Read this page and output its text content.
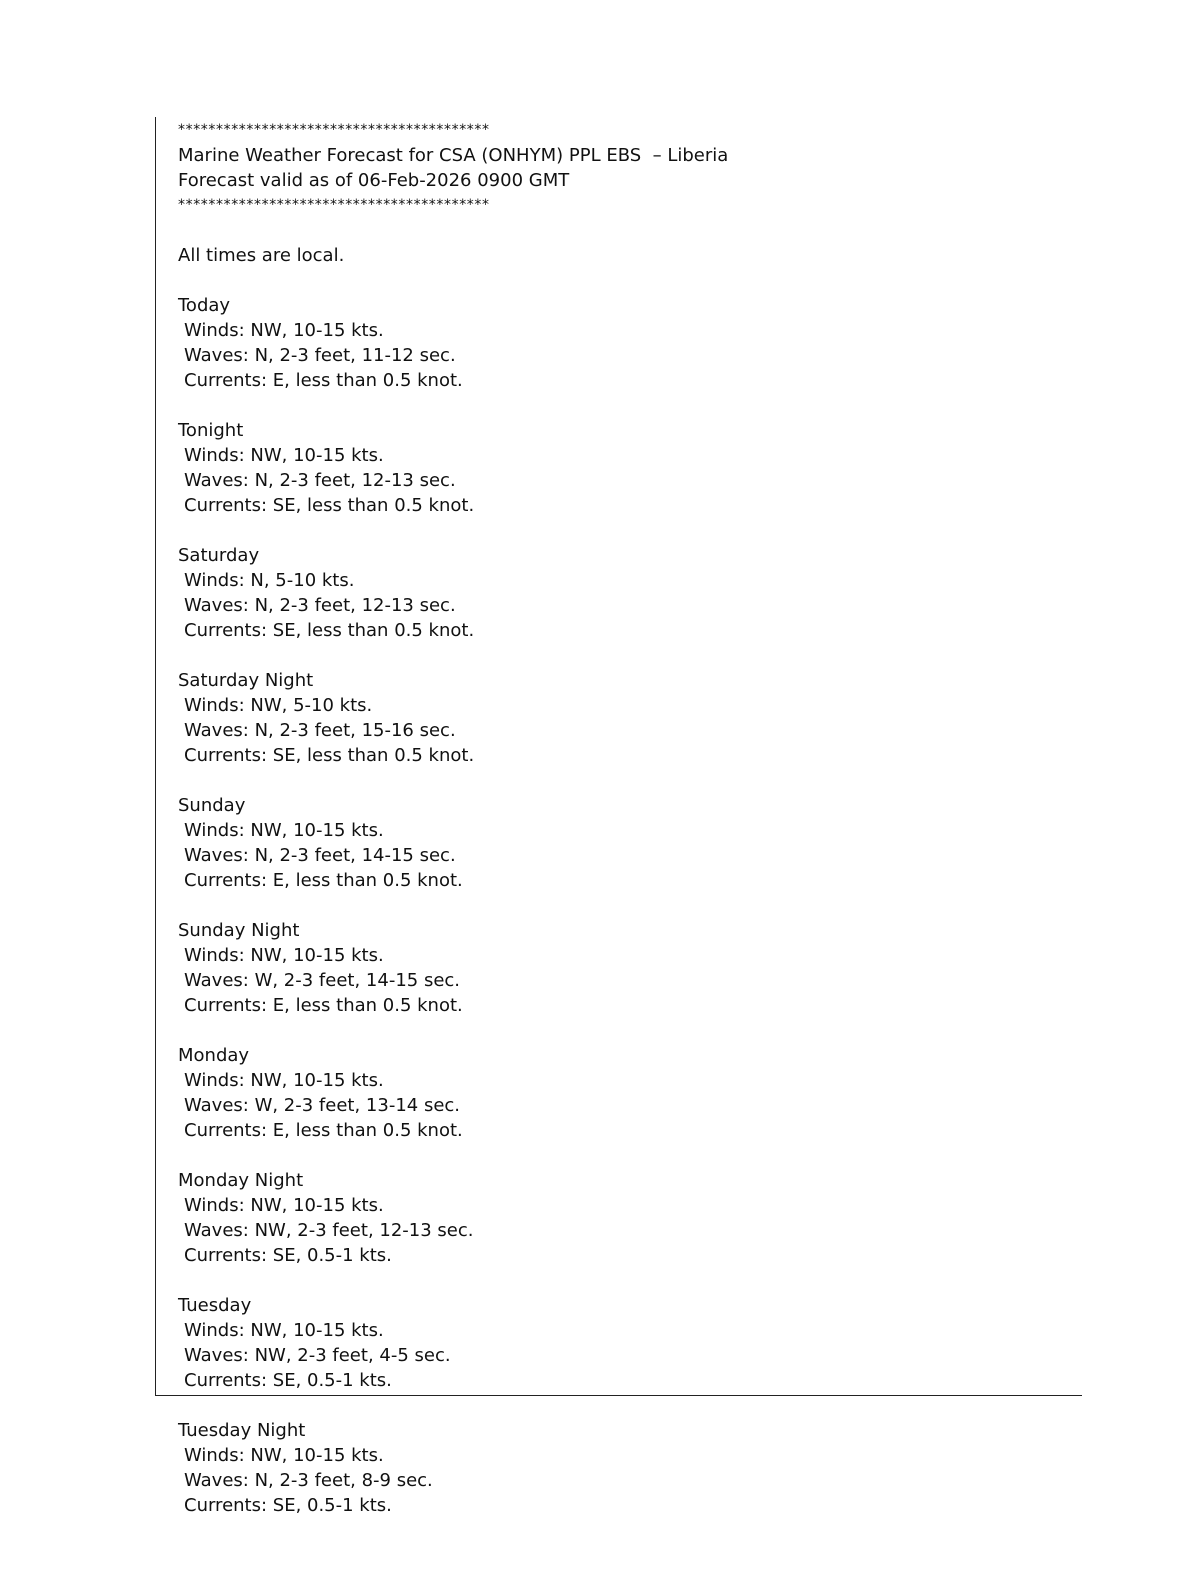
*****************************************
Marine Weather Forecast for CSA (ONHYM) PPL EBS  – Liberia
Forecast valid as of 06-Feb-2026 0900 GMT
*****************************************
All times are local.
Today
Winds: NW, 10-15 kts.
Waves: N, 2-3 feet, 11-12 sec.
Currents: E, less than 0.5 knot.
Tonight
Winds: NW, 10-15 kts.
Waves: N, 2-3 feet, 12-13 sec.
Currents: SE, less than 0.5 knot.
Saturday
Winds: N, 5-10 kts.
Waves: N, 2-3 feet, 12-13 sec.
Currents: SE, less than 0.5 knot.
Saturday Night
Winds: NW, 5-10 kts.
Waves: N, 2-3 feet, 15-16 sec.
Currents: SE, less than 0.5 knot.
Sunday
Winds: NW, 10-15 kts.
Waves: N, 2-3 feet, 14-15 sec.
Currents: E, less than 0.5 knot.
Sunday Night
Winds: NW, 10-15 kts.
Waves: W, 2-3 feet, 14-15 sec.
Currents: E, less than 0.5 knot.
Monday
Winds: NW, 10-15 kts.
Waves: W, 2-3 feet, 13-14 sec.
Currents: E, less than 0.5 knot.
Monday Night
Winds: NW, 10-15 kts.
Waves: NW, 2-3 feet, 12-13 sec.
Currents: SE, 0.5-1 kts.
Tuesday
Winds: NW, 10-15 kts.
Waves: NW, 2-3 feet, 4-5 sec.
Currents: SE, 0.5-1 kts.
Tuesday Night
Winds: NW, 10-15 kts.
Waves: N, 2-3 feet, 8-9 sec.
Currents: SE, 0.5-1 kts.
